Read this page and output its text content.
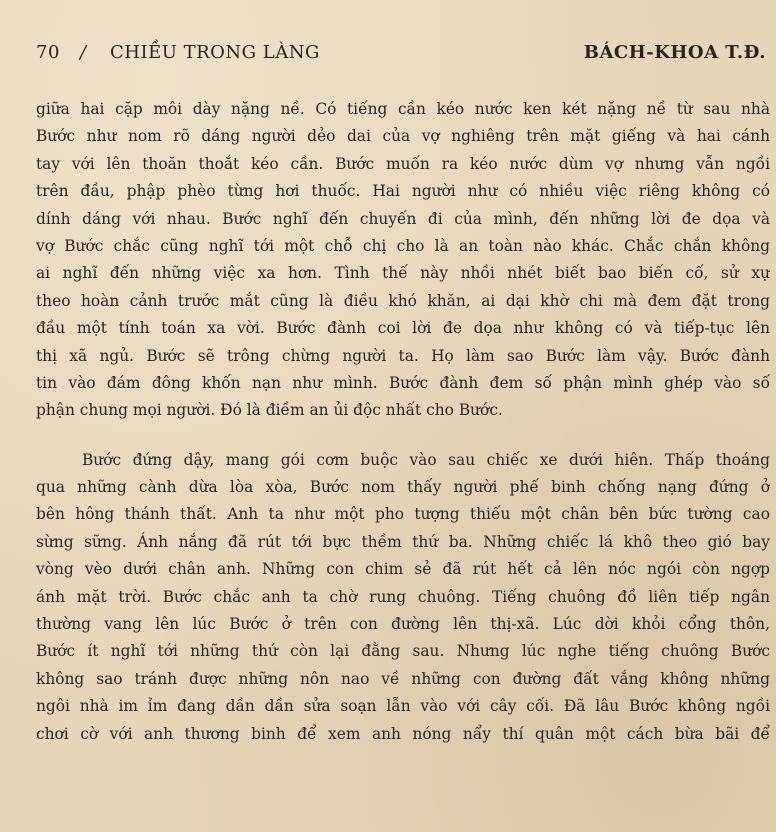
70 / CHIỀU TRONG LÀNG	BÁCH-KHOA T.Đ.
giữa hai cặp môi dày nặng nề. Có tiếng cần kéo nước ken két nặng nề từ sau nhà
Bước như nom rõ dáng người dẻo dai của vợ nghiêng trên mặt giếng và hai cánh
tay với lên thoăn thoắt kéo cần. Bước muốn ra kéo nước dùm vợ nhưng vẫn ngồi
trên đầu, phập phèo từng hơi thuốc. Hai người như có nhiều việc riêng không có
dính dáng với nhau. Bước nghĩ đến chuyến đi của mình, đến những lời đe dọa và
vợ Bước chắc cũng nghĩ tới một chỗ chị cho là an toàn nào khác. Chắc chắn không
ai nghĩ đến những việc xa hơn. Tình thế này nhồi nhét biết bao biến cố, sử xự
theo hoàn cảnh trước mắt cũng là điều khó khăn, ai dại khờ chi mà đem đặt trong
đầu một tính toán xa vời. Bước đành coi lời đe dọa như không có và tiếp-tục lên
thị xã ngủ. Bước sẽ trông chừng người ta. Họ làm sao Bước làm vậy. Bước đành
tin vào đám đông khốn nạn như mình. Bước đành đem số phận mình ghép vào số
phận chung mọi người. Đó là điềm an ủi độc nhất cho Bước.
Bước đứng dậy, mang gói cơm buộc vào sau chiếc xe dưới hiên. Thấp thoáng
qua những cành dừa lòa xòa, Bước nom thấy người phế binh chống nạng đứng ở
bên hông thánh thất. Anh ta như một pho tượng thiếu một chân bên bức tường cao
sừng sững. Ánh nắng đã rút tới bực thềm thứ ba. Những chiếc lá khô theo gió bay
vòng vèo dưới chân anh. Những con chim sẻ đã rút hết cả lên nóc ngói còn ngợp
ánh mặt trời. Bước chắc anh ta chờ rung chuông. Tiếng chuông đồ liên tiếp ngân
thường vang lên lúc Bước ở trên con đường lên thị-xã. Lúc dời khỏi cổng thôn,
Bước ít nghĩ tới những thứ còn lại đằng sau. Nhưng lúc nghe tiếng chuông Bước
không sao tránh được những nôn nao về những con đường đất vắng không những
ngôi nhà im ỉm đang dần dần sửa soạn lẫn vào với cây cối. Đã lâu Bước không ngồi
chơi cờ với anh thương binh để xem anh nóng nẩy thí quân một cách bừa bãi để
